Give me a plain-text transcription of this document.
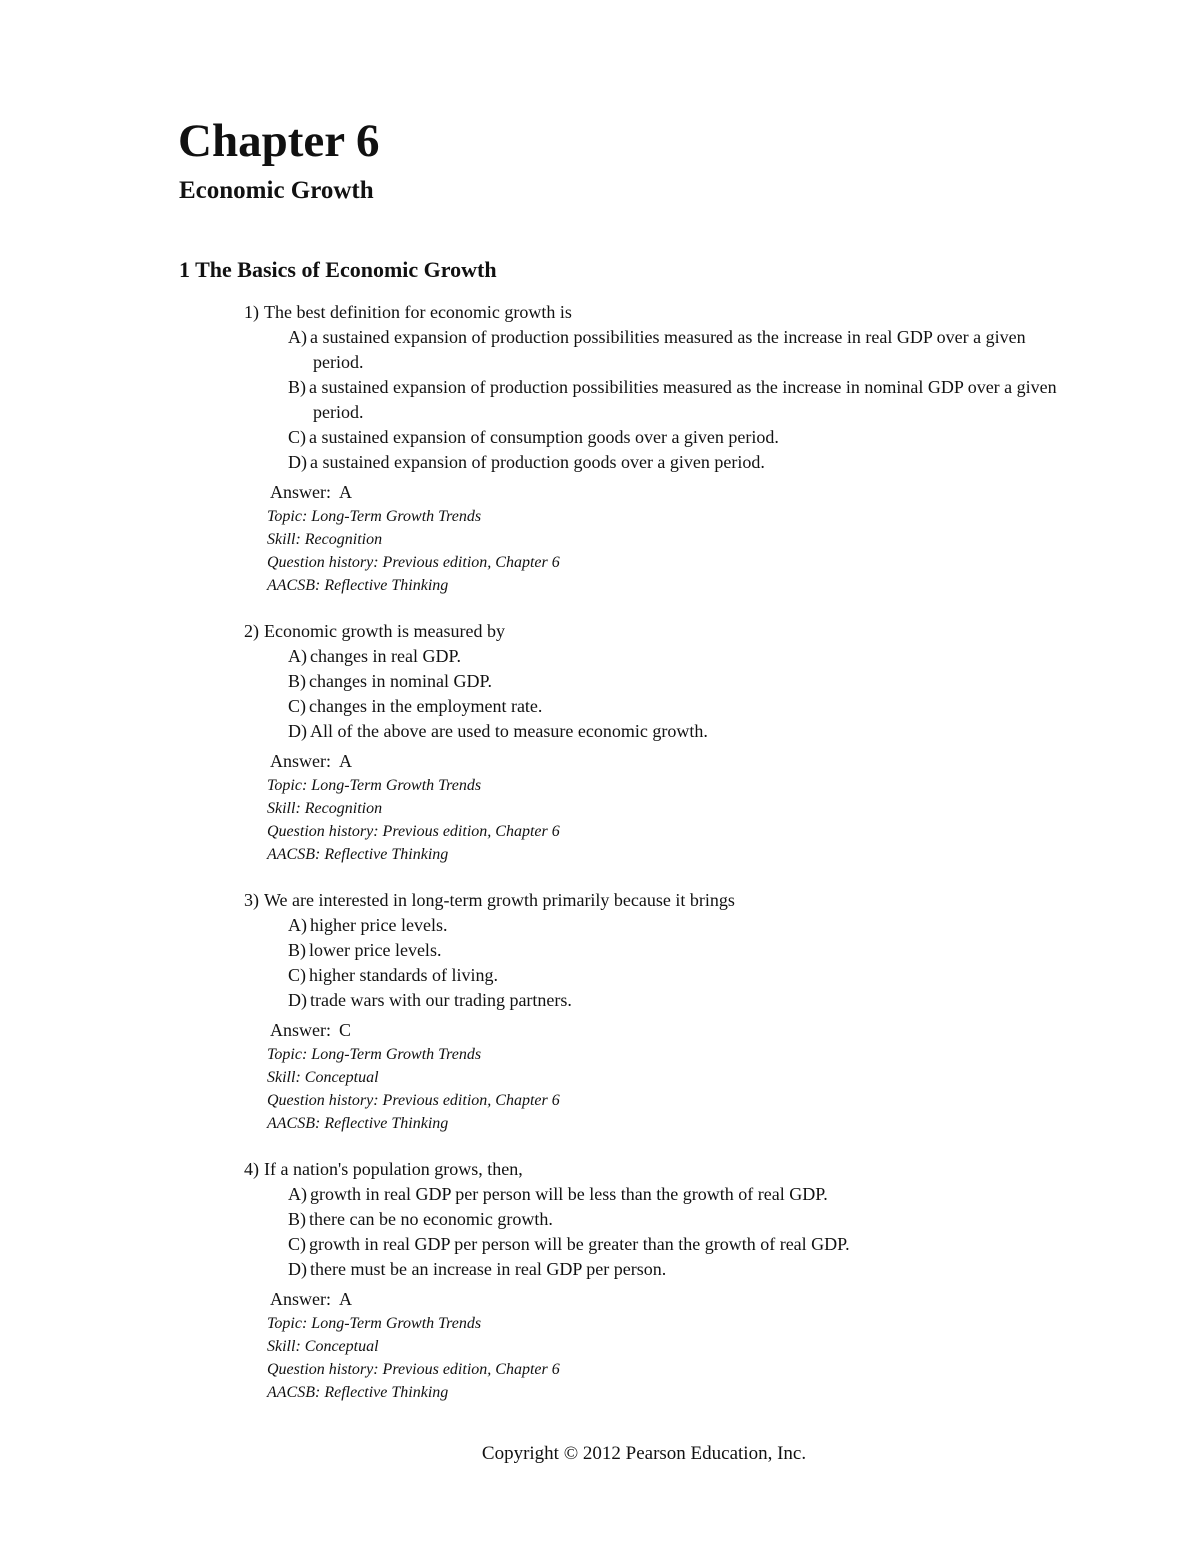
Chapter 6
Economic Growth
1 The Basics of Economic Growth
1) The best definition for economic growth is
A) a sustained expansion of production possibilities measured as the increase in real GDP over a given period.
B) a sustained expansion of production possibilities measured as the increase in nominal GDP over a given period.
C) a sustained expansion of consumption goods over a given period.
D) a sustained expansion of production goods over a given period.
Answer: A
Topic: Long-Term Growth Trends
Skill: Recognition
Question history: Previous edition, Chapter 6
AACSB: Reflective Thinking
2) Economic growth is measured by
A) changes in real GDP.
B) changes in nominal GDP.
C) changes in the employment rate.
D) All of the above are used to measure economic growth.
Answer: A
Topic: Long-Term Growth Trends
Skill: Recognition
Question history: Previous edition, Chapter 6
AACSB: Reflective Thinking
3) We are interested in long-term growth primarily because it brings
A) higher price levels.
B) lower price levels.
C) higher standards of living.
D) trade wars with our trading partners.
Answer: C
Topic: Long-Term Growth Trends
Skill: Conceptual
Question history: Previous edition, Chapter 6
AACSB: Reflective Thinking
4) If a nation's population grows, then,
A) growth in real GDP per person will be less than the growth of real GDP.
B) there can be no economic growth.
C) growth in real GDP per person will be greater than the growth of real GDP.
D) there must be an increase in real GDP per person.
Answer: A
Topic: Long-Term Growth Trends
Skill: Conceptual
Question history: Previous edition, Chapter 6
AACSB: Reflective Thinking
Copyright © 2012 Pearson Education, Inc.
